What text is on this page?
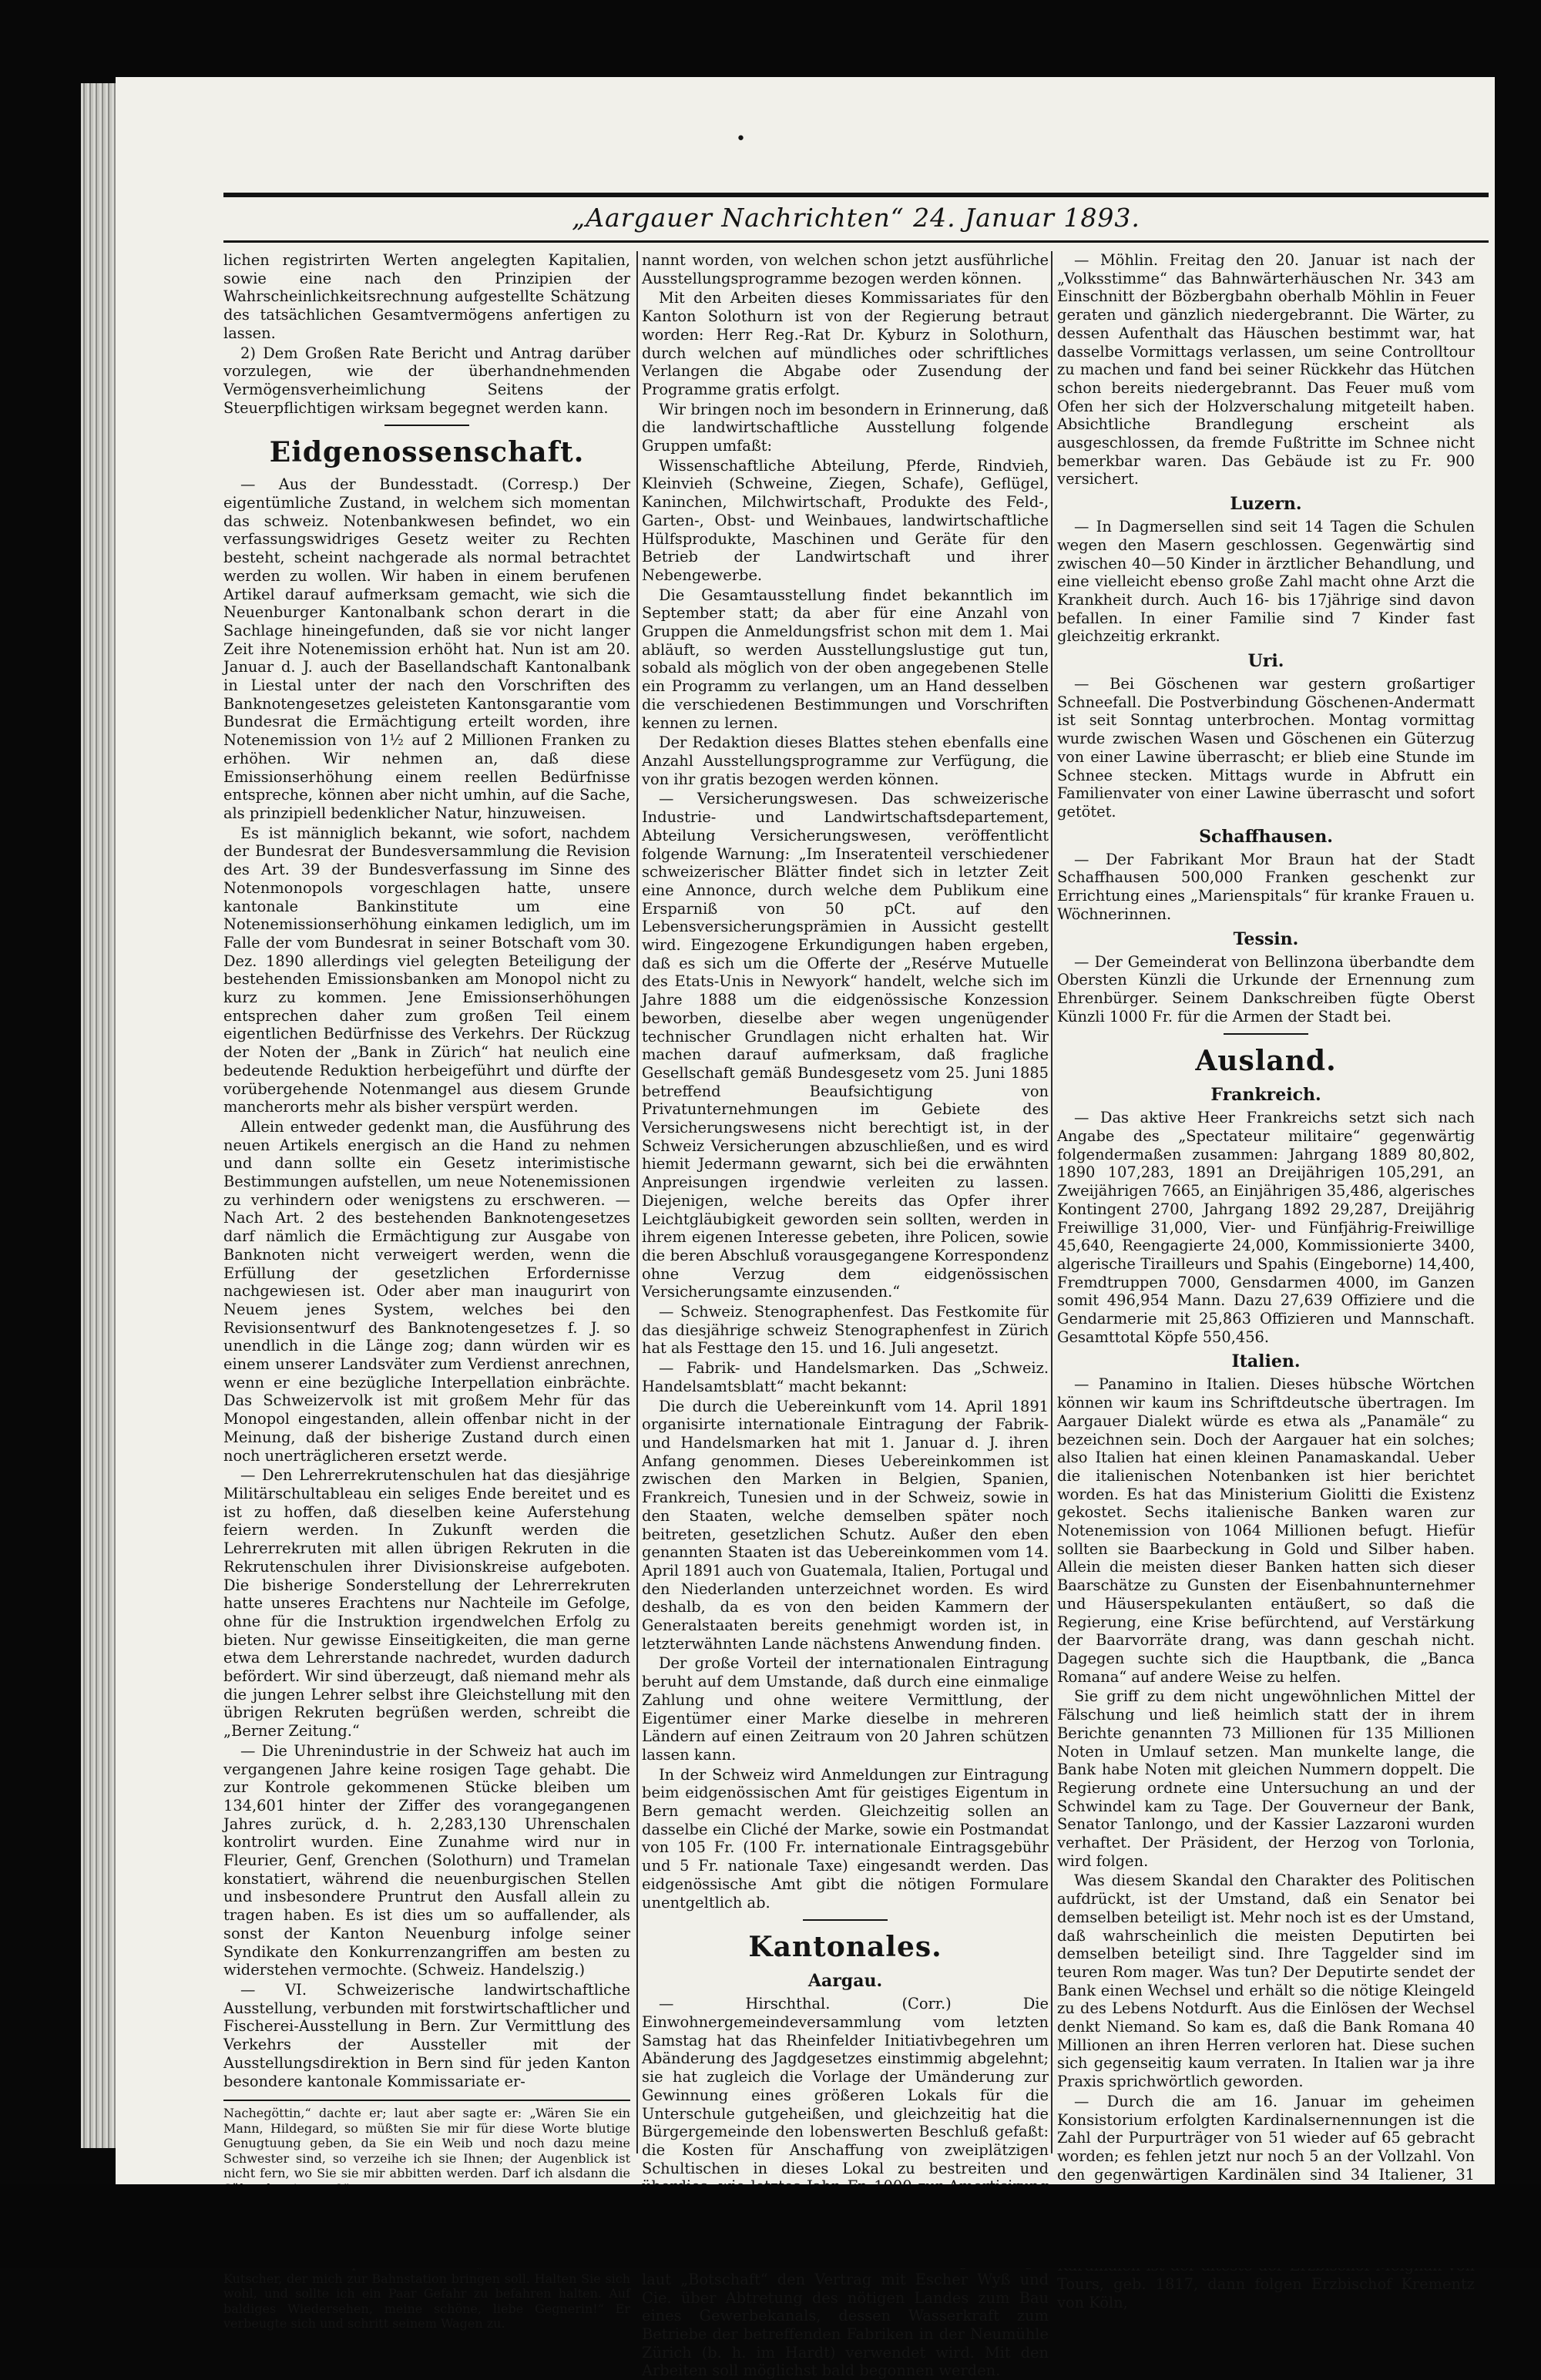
•
„Aargauer Nachrichten“ 24. Januar 1893.

lichen registrirten Werten angelegten Kapitalien, sowie eine nach den Prinzipien der Wahrscheinlichkeitsrechnung aufgestellte Schätzung des tatsächlichen Gesamtvermögens anfertigen zu lassen.

2) Dem Großen Rate Bericht und Antrag darüber vorzulegen, wie der überhandnehmenden Vermögensverheimlichung Seitens der Steuerpflichtigen wirksam begegnet werden kann.

Eidgenossenschaft.

— Aus der Bundesstadt. (Corresp.) Der eigentümliche Zustand, in welchem sich momentan das schweiz. Notenbankwesen befindet, wo ein verfassungswidriges Gesetz weiter zu Rechten besteht, scheint nachgerade als normal betrachtet werden zu wollen. Wir haben in einem berufenen Artikel darauf aufmerksam gemacht, wie sich die Neuenburger Kantonalbank schon derart in die Sachlage hineingefunden, daß sie vor nicht langer Zeit ihre Notenemission erhöht hat. Nun ist am 20. Januar d. J. auch der Basellandschaft Kantonalbank in Liestal unter der nach den Vorschriften des Banknotengesetzes geleisteten Kantonsgarantie vom Bundesrat die Ermächtigung erteilt worden, ihre Notenemission von 1½ auf 2 Millionen Franken zu erhöhen. Wir nehmen an, daß diese Emissionserhöhung einem reellen Bedürfnisse entspreche, können aber nicht umhin, auf die Sache, als prinzipiell bedenklicher Natur, hinzuweisen.

Es ist männiglich bekannt, wie sofort, nachdem der Bundesrat der Bundesversammlung die Revision des Art. 39 der Bundesverfassung im Sinne des Notenmonopols vorgeschlagen hatte, unsere kantonale Bankinstitute um eine Notenemissionserhöhung einkamen lediglich, um im Falle der vom Bundesrat in seiner Botschaft vom 30. Dez. 1890 allerdings viel gelegten Beteiligung der bestehenden Emissionsbanken am Monopol nicht zu kurz zu kommen. Jene Emissionserhöhungen entsprechen daher zum großen Teil einem eigentlichen Bedürfnisse des Verkehrs. Der Rückzug der Noten der „Bank in Zürich“ hat neulich eine bedeutende Reduktion herbeigeführt und dürfte der vorübergehende Notenmangel aus diesem Grunde mancherorts mehr als bisher verspürt werden.

Allein entweder gedenkt man, die Ausführung des neuen Artikels energisch an die Hand zu nehmen und dann sollte ein Gesetz interimistische Bestimmungen aufstellen, um neue Notenemissionen zu verhindern oder wenigstens zu erschweren. — Nach Art. 2 des bestehenden Banknotengesetzes darf nämlich die Ermächtigung zur Ausgabe von Banknoten nicht verweigert werden, wenn die Erfüllung der gesetzlichen Erfordernisse nachgewiesen ist. Oder aber man inaugurirt von Neuem jenes System, welches bei den Revisionsentwurf des Banknotengesetzes f. J. so unendlich in die Länge zog; dann würden wir es einem unserer Landsväter zum Verdienst anrechnen, wenn er eine bezügliche Interpellation einbrächte. Das Schweizervolk ist mit großem Mehr für das Monopol eingestanden, allein offenbar nicht in der Meinung, daß der bisherige Zustand durch einen noch unerträglicheren ersetzt werde.

— Den Lehrerrekrutenschulen hat das diesjährige Militärschultableau ein seliges Ende bereitet und es ist zu hoffen, daß dieselben keine Auferstehung feiern werden. In Zukunft werden die Lehrerrekruten mit allen übrigen Rekruten in die Rekrutenschulen ihrer Divisionskreise aufgeboten. Die bisherige Sonderstellung der Lehrerrekruten hatte unseres Erachtens nur Nachteile im Gefolge, ohne für die Instruktion irgendwelchen Erfolg zu bieten. Nur gewisse Einseitigkeiten, die man gerne etwa dem Lehrerstande nachredet, wurden dadurch befördert. Wir sind überzeugt, daß niemand mehr als die jungen Lehrer selbst ihre Gleichstellung mit den übrigen Rekruten begrüßen werden, schreibt die „Berner Zeitung.“

— Die Uhrenindustrie in der Schweiz hat auch im vergangenen Jahre keine rosigen Tage gehabt. Die zur Kontrole gekommenen Stücke bleiben um 134,601 hinter der Ziffer des vorangegangenen Jahres zurück, d. h. 2,283,130 Uhrenschalen kontrolirt wurden. Eine Zunahme wird nur in Fleurier, Genf, Grenchen (Solothurn) und Tramelan konstatiert, während die neuenburgischen Stellen und insbesondere Pruntrut den Ausfall allein zu tragen haben. Es ist dies um so auffallender, als sonst der Kanton Neuenburg infolge seiner Syndikate den Konkurrenzangriffen am besten zu widerstehen vermochte. (Schweiz. Handelszig.)

— VI. Schweizerische landwirtschaftliche Ausstellung, verbunden mit forstwirtschaftlicher und Fischerei-Ausstellung in Bern. Zur Vermittlung des Verkehrs der Aussteller mit der Ausstellungsdirektion in Bern sind für jeden Kanton besondere kantonale Kommissariate er-

Nachegöttin,“ dachte er; laut aber sagte er: „Wären Sie ein Mann, Hildegard, so müßten Sie mir für diese Worte blutige Genugtuung geben, da Sie ein Weib und noch dazu meine Schwester sind, so verzeihe ich sie Ihnen; der Augenblick ist nicht fern, wo Sie sie mir abbitten werden. Darf ich alsdann die

Kutscher, der mich zur Bahnstation bringen soll. Halten Sie sich wohl, und sollte ich ein Paar Gefahr zu befahren halten. Auf baldiges Wiedersehen, meine schöne, liebe Gegnerin!“ Er verbeugte sich und schritt seinem Wagen zu.

nannt worden, von welchen schon jetzt ausführliche Ausstellungsprogramme bezogen werden können.

Mit den Arbeiten dieses Kommissariates für den Kanton Solothurn ist von der Regierung betraut worden: Herr Reg.-Rat Dr. Kyburz in Solothurn, durch welchen auf mündliches oder schriftliches Verlangen die Abgabe oder Zusendung der Programme gratis erfolgt.

Wir bringen noch im besondern in Erinnerung, daß die landwirtschaftliche Ausstellung folgende Gruppen umfaßt:

Wissenschaftliche Abteilung, Pferde, Rindvieh, Kleinvieh (Schweine, Ziegen, Schafe), Geflügel, Kaninchen, Milchwirtschaft, Produkte des Feld-, Garten-, Obst- und Weinbaues, landwirtschaftliche Hülfsprodukte, Maschinen und Geräte für den Betrieb der Landwirtschaft und ihrer Nebengewerbe.

Die Gesamtausstellung findet bekanntlich im September statt; da aber für eine Anzahl von Gruppen die Anmeldungsfrist schon mit dem 1. Mai abläuft, so werden Ausstellungslustige gut tun, sobald als möglich von der oben angegebenen Stelle ein Programm zu verlangen, um an Hand desselben die verschiedenen Bestimmungen und Vorschriften kennen zu lernen.

Der Redaktion dieses Blattes stehen ebenfalls eine Anzahl Ausstellungsprogramme zur Verfügung, die von ihr gratis bezogen werden können.

— Versicherungswesen. Das schweizerische Industrie- und Landwirtschaftsdepartement, Abteilung Versicherungswesen, veröffentlicht folgende Warnung: „Im Inseratenteil verschiedener schweizerischer Blätter findet sich in letzter Zeit eine Annonce, durch welche dem Publikum eine Ersparniß von 50 pCt. auf den Lebensversicherungsprämien in Aussicht gestellt wird. Eingezogene Erkundigungen haben ergeben, daß es sich um die Offerte der „Resérve Mutuelle des Etats-Unis in Newyork“ handelt, welche sich im Jahre 1888 um die eidgenössische Konzession beworben, dieselbe aber wegen ungenügender technischer Grundlagen nicht erhalten hat. Wir machen darauf aufmerksam, daß fragliche Gesellschaft gemäß Bundesgesetz vom 25. Juni 1885 betreffend Beaufsichtigung von Privatunternehmungen im Gebiete des Versicherungswesens nicht berechtigt ist, in der Schweiz Versicherungen abzuschließen, und es wird hiemit Jedermann gewarnt, sich bei die erwähnten Anpreisungen irgendwie verleiten zu lassen. Diejenigen, welche bereits das Opfer ihrer Leichtgläubigkeit geworden sein sollten, werden in ihrem eigenen Interesse gebeten, ihre Policen, sowie die beren Abschluß vorausgegangene Korrespondenz ohne Verzug dem eidgenössischen Versicherungsamte einzusenden.“

— Schweiz. Stenographenfest. Das Festkomite für das diesjährige schweiz Stenographenfest in Zürich hat als Festtage den 15. und 16. Juli angesetzt.

— Fabrik- und Handelsmarken. Das „Schweiz. Handelsamtsblatt“ macht bekannt:

Die durch die Uebereinkunft vom 14. April 1891 organisirte internationale Eintragung der Fabrik- und Handelsmarken hat mit 1. Januar d. J. ihren Anfang genommen. Dieses Uebereinkommen ist zwischen den Marken in Belgien, Spanien, Frankreich, Tunesien und in der Schweiz, sowie in den Staaten, welche demselben später noch beitreten, gesetzlichen Schutz. Außer den eben genannten Staaten ist das Uebereinkommen vom 14. April 1891 auch von Guatemala, Italien, Portugal und den Niederlanden unterzeichnet worden. Es wird deshalb, da es von den beiden Kammern der Generalstaaten bereits genehmigt worden ist, in letzterwähnten Lande nächstens Anwendung finden.

Der große Vorteil der internationalen Eintragung beruht auf dem Umstande, daß durch eine einmalige Zahlung und ohne weitere Vermittlung, der Eigentümer einer Marke dieselbe in mehreren Ländern auf einen Zeitraum von 20 Jahren schützen lassen kann.

In der Schweiz wird Anmeldungen zur Eintragung beim eidgenössischen Amt für geistiges Eigentum in Bern gemacht werden. Gleichzeitig sollen an dasselbe ein Cliché der Marke, sowie ein Postmandat von 105 Fr. (100 Fr. internationale Eintragsgebühr und 5 Fr. nationale Taxe) eingesandt werden. Das eidgenössische Amt gibt die nötigen Formulare unentgeltlich ab.

Kantonales.
Aargau.

— Hirschthal. (Corr.) Die Einwohnergemeindeversammlung vom letzten Samstag hat das Rheinfelder Initiativbegehren um Abänderung des Jagdgesetzes einstimmig abgelehnt; sie hat zugleich die Vorlage der Umänderung zur Gewinnung eines größeren Lokals für die Unterschule gutgeheißen, und gleichzeitig hat die Bürgergemeinde den lobenswerten Beschluß gefaßt: die Kosten für Anschaffung von zweiplätzigen Schultischen in dieses Lokal zu bestreiten und

laut „Botschaft“ den Vertrag mit Escher Wyß und Cie. über Abtretung des nötigen Landes zum Bau eines Gewerbekanals, dessen Wasserkraft zum Betriebe der betreffenden Fabriken in der Neumühle Zürich (b. h. im Hardt) verwendet wird. Mit den Arbeiten soll möglichst bald begonnen werden.

— Möhlin. Freitag den 20. Januar ist nach der „Volksstimme“ das Bahnwärterhäuschen Nr. 343 am Einschnitt der Bözbergbahn oberhalb Möhlin in Feuer geraten und gänzlich niedergebrannt. Die Wärter, zu dessen Aufenthalt das Häuschen bestimmt war, hat dasselbe Vormittags verlassen, um seine Controlltour zu machen und fand bei seiner Rückkehr das Hütchen schon bereits niedergebrannt. Das Feuer muß vom Ofen her sich der Holzverschalung mitgeteilt haben. Absichtliche Brandlegung erscheint als ausgeschlossen, da fremde Fußtritte im Schnee nicht bemerkbar waren. Das Gebäude ist zu Fr. 900 versichert.

Luzern.

— In Dagmersellen sind seit 14 Tagen die Schulen wegen den Masern geschlossen. Gegenwärtig sind zwischen 40—50 Kinder in ärztlicher Behandlung, und eine vielleicht ebenso große Zahl macht ohne Arzt die Krankheit durch. Auch 16- bis 17jährige sind davon befallen. In einer Familie sind 7 Kinder fast gleichzeitig erkrankt.

Uri.

— Bei Göschenen war gestern großartiger Schneefall. Die Postverbindung Göschenen-Andermatt ist seit Sonntag unterbrochen. Montag vormittag wurde zwischen Wasen und Göschenen ein Güterzug von einer Lawine überrascht; er blieb eine Stunde im Schnee stecken. Mittags wurde in Abfrutt ein Familienvater von einer Lawine überrascht und sofort getötet.

Schaffhausen.

— Der Fabrikant Mor Braun hat der Stadt Schaffhausen 500,000 Franken geschenkt zur Errichtung eines „Marienspitals“ für kranke Frauen u. Wöchnerinnen.

Tessin.

— Der Gemeinderat von Bellinzona überbandte dem Obersten Künzli die Urkunde der Ernennung zum Ehrenbürger. Seinem Dankschreiben fügte Oberst Künzli 1000 Fr. für die Armen der Stadt bei.

Ausland.
Frankreich.

— Das aktive Heer Frankreichs setzt sich nach Angabe des „Spectateur militaire“ gegenwärtig folgendermaßen zusammen: Jahrgang 1889 80,802, 1890 107,283, 1891 an Dreijährigen 105,291, an Zweijährigen 7665, an Einjährigen 35,486, algerisches Kontingent 2700, Jahrgang 1892 29,287, Dreijährig Freiwillige 31,000, Vier- und Fünfjährig-Freiwillige 45,640, Reengagierte 24,000, Kommissionierte 3400, algerische Tirailleurs und Spahis (Eingeborne) 14,400, Fremdtruppen 7000, Gensdarmen 4000, im Ganzen somit 496,954 Mann. Dazu 27,639 Offiziere und die Gendarmerie mit 25,863 Offizieren und Mannschaft. Gesamttotal Köpfe 550,456.

Italien.

— Panamino in Italien. Dieses hübsche Wörtchen können wir kaum ins Schriftdeutsche übertragen. Im Aargauer Dialekt würde es etwa als „Panamäle“ zu bezeichnen sein. Doch der Aargauer hat ein solches; also Italien hat einen kleinen Panamaskandal. Ueber die italienischen Notenbanken ist hier berichtet worden. Es hat das Ministerium Giolitti die Existenz gekostet. Sechs italienische Banken waren zur Notenemission von 1064 Millionen befugt. Hiefür sollten sie Baarbeckung in Gold und Silber haben. Allein die meisten dieser Banken hatten sich dieser Baarschätze zu Gunsten der Eisenbahnunternehmer und Häuserspekulanten entäußert, so daß die Regierung, eine Krise befürchtend, auf Verstärkung der Baarvorräte drang, was dann geschah nicht. Dagegen suchte sich die Hauptbank, die „Banca Romana“ auf andere Weise zu helfen.

Sie griff zu dem nicht ungewöhnlichen Mittel der Fälschung und ließ heimlich statt der in ihrem Berichte genannten 73 Millionen für 135 Millionen Noten in Umlauf setzen. Man munkelte lange, die Bank habe Noten mit gleichen Nummern doppelt. Die Regierung ordnete eine Untersuchung an und der Schwindel kam zu Tage. Der Gouverneur der Bank, Senator Tanlongo, und der Kassier Lazzaroni wurden verhaftet. Der Präsident, der Herzog von Torlonia, wird folgen.

Was diesem Skandal den Charakter des Politischen aufdrückt, ist der Umstand, daß ein Senator bei demselben beteiligt ist. Mehr noch ist es der Umstand, daß wahrscheinlich die meisten Deputirten bei demselben beteiligt sind. Ihre Taggelder sind im teuren Rom mager. Was tun? Der Deputirte sendet der Bank einen Wechsel und erhält so die nötige Kleingeld zu des Lebens Notdurft. Aus die Einlösen der Wechsel denkt Niemand. So kam es, daß die Bank Romana 40 Millionen an ihren Herren verloren hat. Diese suchen sich gegenseitig kaum verraten. In Italien war ja ihre Praxis sprichwörtlich geworden.

— Durch die am 16. Januar im geheimen Konsistorium erfolgten Kardinalsernennungen ist die Zahl der Purpurträger von 51 wieder auf 65 gebracht worden; es fehlen jetzt nur noch 5 an der Vollzahl. Von den gegenwärtigen Kardinälen sind 34 Italiener, 31 Tours, geb. 1817, dann folgen Erzbischof Krementz von Köln,
